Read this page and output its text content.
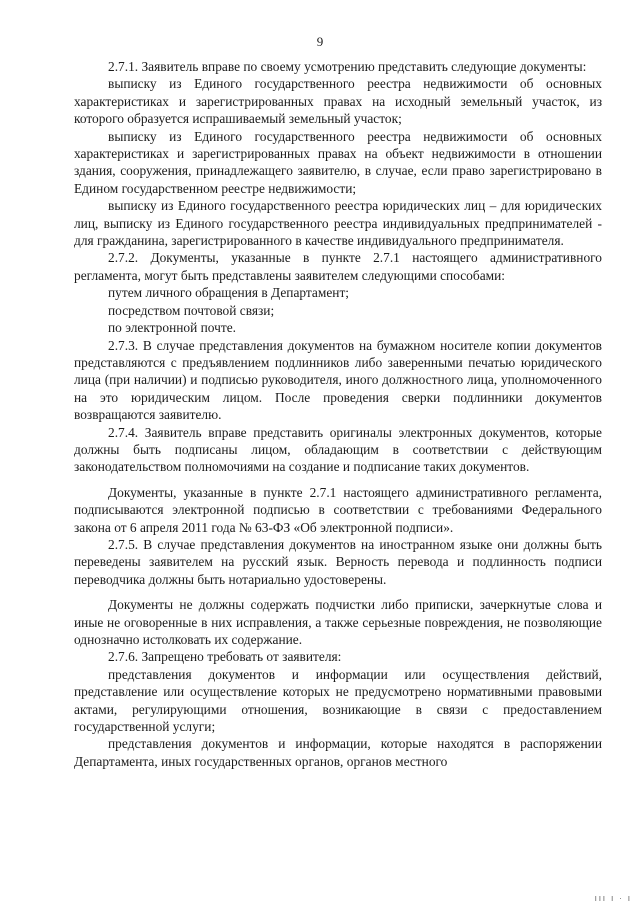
9

2.7.1. Заявитель вправе по своему усмотрению представить следующие документы:

выписку из Единого государственного реестра недвижимости об основных характеристиках и зарегистрированных правах на исходный земельный участок, из которого образуется испрашиваемый земельный участок;

выписку из Единого государственного реестра недвижимости об основных характеристиках и зарегистрированных правах на объект недвижимости в отношении здания, сооружения, принадлежащего заявителю, в случае, если право зарегистрировано в Едином государственном реестре недвижимости;

выписку из Единого государственного реестра юридических лиц – для юридических лиц, выписку из Единого государственного реестра индивидуальных предпринимателей - для гражданина, зарегистрированного в качестве индивидуального предпринимателя.

2.7.2. Документы, указанные в пункте 2.7.1 настоящего административного регламента, могут быть представлены заявителем следующими способами:

путем личного обращения в Департамент;

посредством почтовой связи;

по электронной почте.

2.7.3. В случае представления документов на бумажном носителе копии документов представляются с предъявлением подлинников либо заверенными печатью юридического лица (при наличии) и подписью руководителя, иного должностного лица, уполномоченного на это юридическим лицом. После проведения сверки подлинники документов возвращаются заявителю.

2.7.4. Заявитель вправе представить оригиналы электронных документов, которые должны быть подписаны лицом, обладающим в соответствии с действующим законодательством полномочиями на создание и подписание таких документов.

Документы, указанные в пункте 2.7.1 настоящего административного регламента, подписываются электронной подписью в соответствии с требованиями Федерального закона от 6 апреля 2011 года № 63-ФЗ «Об электронной подписи».

2.7.5. В случае представления документов на иностранном языке они должны быть переведены заявителем на русский язык. Верность перевода и подлинность подписи переводчика должны быть нотариально удостоверены.

Документы не должны содержать подчистки либо приписки, зачеркнутые слова и иные не оговоренные в них исправления, а также серьезные повреждения, не позволяющие однозначно истолковать их содержание.

2.7.6. Запрещено требовать от заявителя:

представления документов и информации или осуществления действий, представление или осуществление которых не предусмотрено нормативными правовыми актами, регулирующими отношения, возникающие в связи с предоставлением государственной услуги;

представления документов и информации, которые находятся в распоряжении Департамента, иных государственных органов, органов местного

III I · I
